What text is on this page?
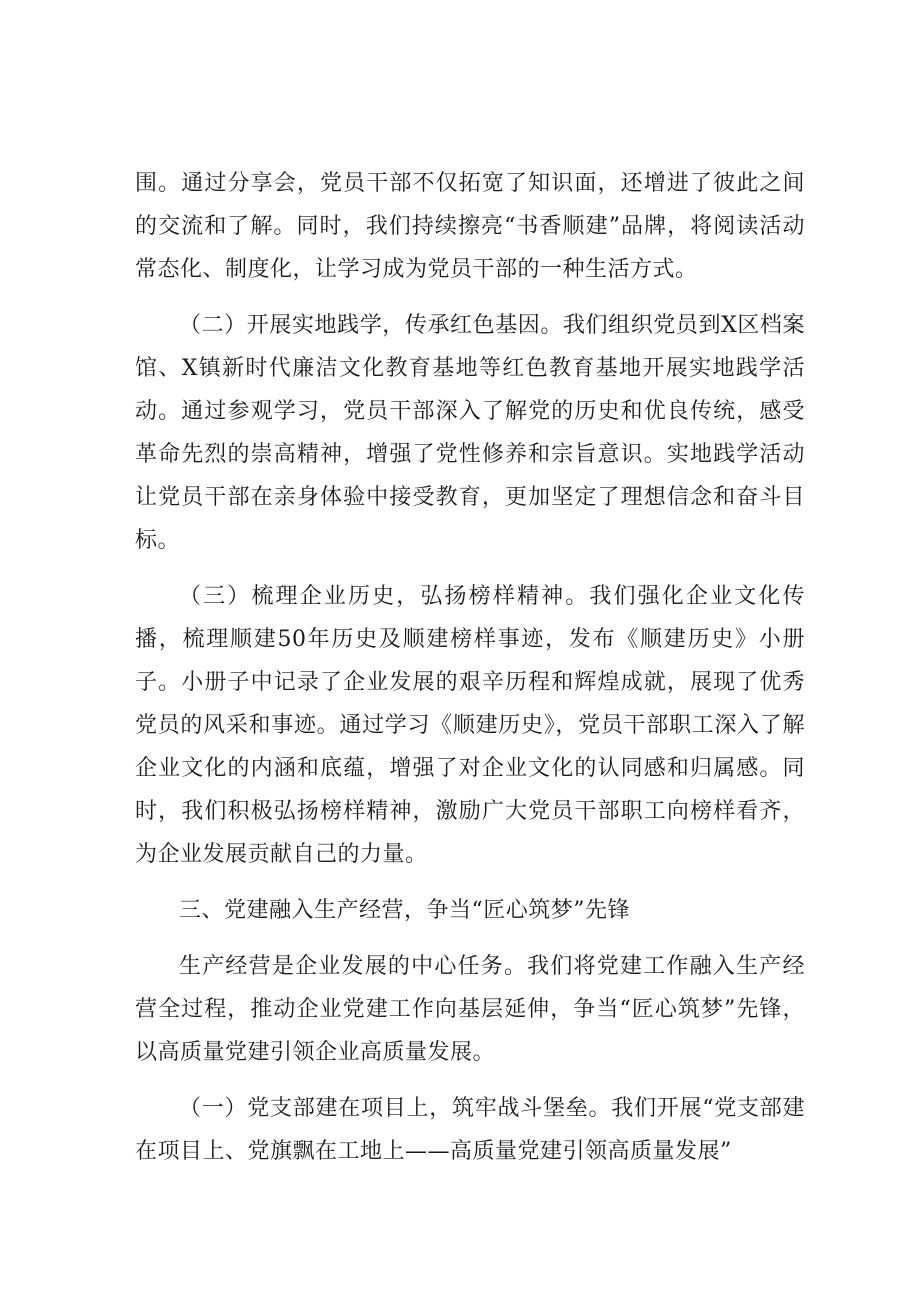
围。通过分享会，党员干部不仅拓宽了知识面，还增进了彼此之间的交流和了解。同时，我们持续擦亮“书香顺建”品牌，将阅读活动常态化、制度化，让学习成为党员干部的一种生活方式。

（二）开展实地践学，传承红色基因。我们组织党员到X区档案馆、X镇新时代廉洁文化教育基地等红色教育基地开展实地践学活动。通过参观学习，党员干部深入了解党的历史和优良传统，感受革命先烈的崇高精神，增强了党性修养和宗旨意识。实地践学活动让党员干部在亲身体验中接受教育，更加坚定了理想信念和奋斗目标。

（三）梳理企业历史，弘扬榜样精神。我们强化企业文化传播，梳理顺建50年历史及顺建榜样事迹，发布《顺建历史》小册子。小册子中记录了企业发展的艰辛历程和辉煌成就，展现了优秀党员的风采和事迹。通过学习《顺建历史》，党员干部职工深入了解企业文化的内涵和底蕴，增强了对企业文化的认同感和归属感。同时，我们积极弘扬榜样精神，激励广大党员干部职工向榜样看齐，为企业发展贡献自己的力量。

三、党建融入生产经营，争当“匠心筑梦”先锋

生产经营是企业发展的中心任务。我们将党建工作融入生产经营全过程，推动企业党建工作向基层延伸，争当“匠心筑梦”先锋，以高质量党建引领企业高质量发展。

（一）党支部建在项目上，筑牢战斗堡垒。我们开展“党支部建在项目上、党旗飘在工地上——高质量党建引领高质量发展”
